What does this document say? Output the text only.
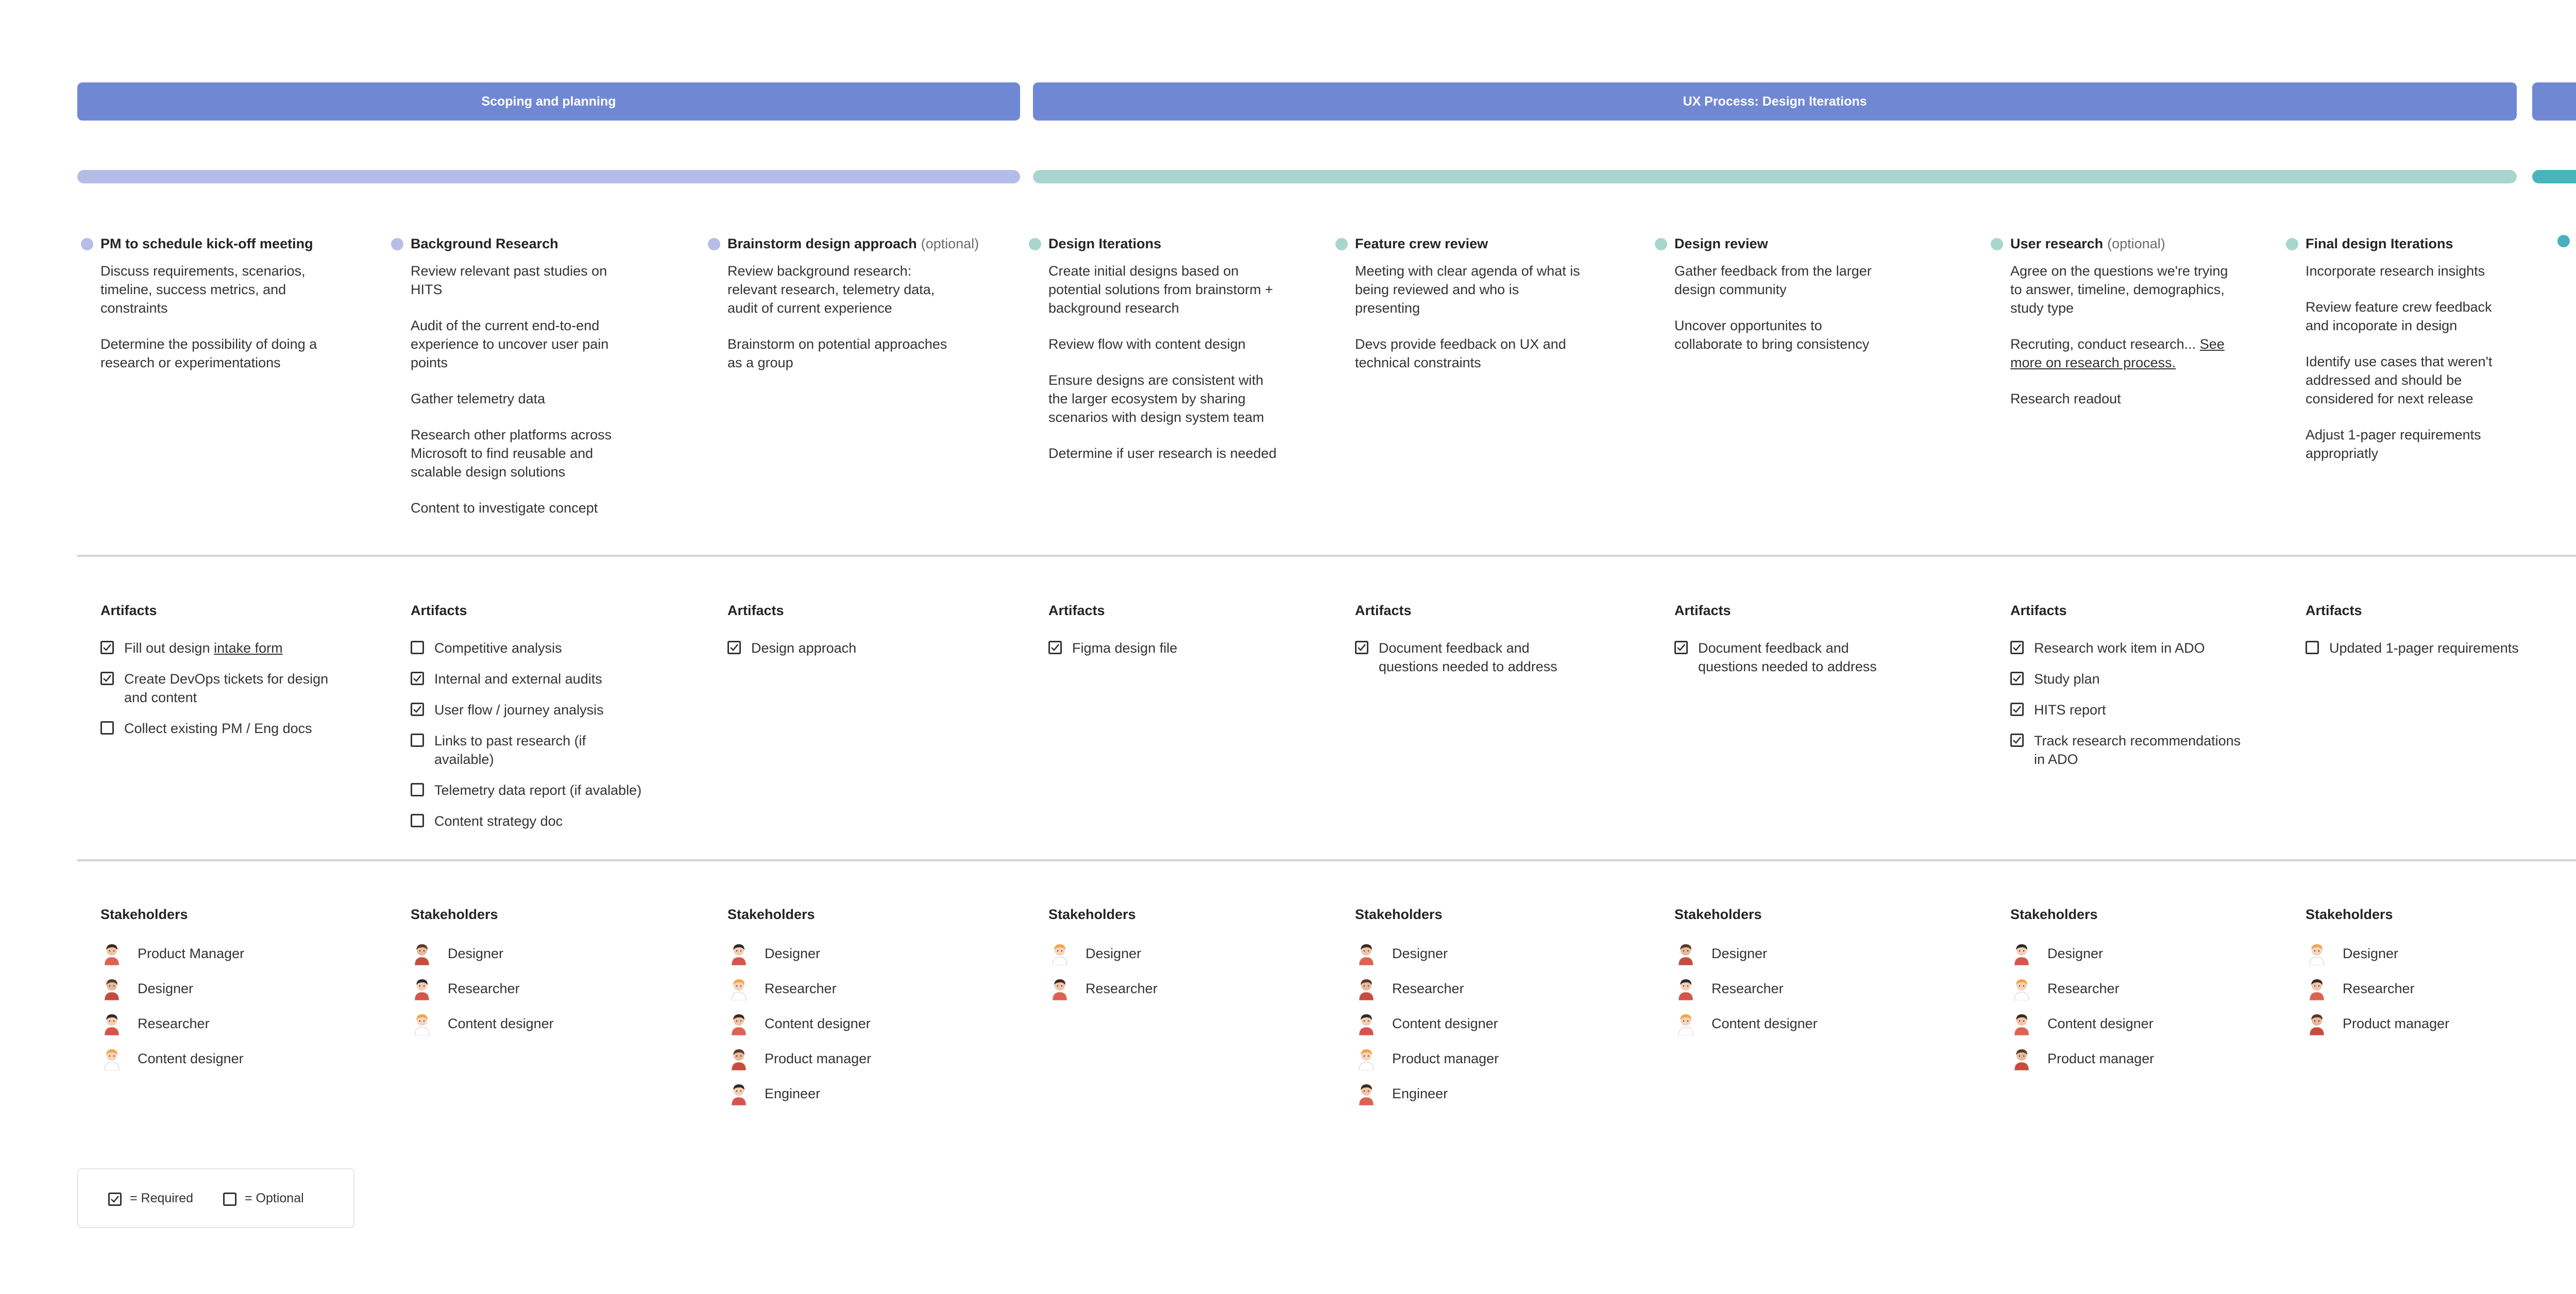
Scoping and planning	UX Process: Design Iterations
PM to schedule kick-off meeting

Discuss requirements, scenarios, timeline, success metrics, and constraints

Determine the possibility of doing a research or experimentations

Artifacts
Fill out design intake form
Create DevOps tickets for design and content
Collect existing PM / Eng docs
Stakeholders
Product Manager
Designer
Researcher
Content designer
Background Research

Review relevant past studies on HITS

Audit of the current end-to-end experience to uncover user pain points

Gather telemetry data

Research other platforms across Microsoft to find reusable and scalable design solutions

Content to investigate concept

Artifacts
Competitive analysis
Internal and external audits
User flow / journey analysis
Links to past research (if available)
Telemetry data report (if avalable)
Content strategy doc
Stakeholders
Designer
Researcher
Content designer
Brainstorm design approach (optional)

Review background research: relevant research, telemetry data, audit of current experience

Brainstorm on potential approaches as a group

Artifacts
Design approach
Stakeholders
Designer
Researcher
Content designer
Product manager
Engineer
Design Iterations

Create initial designs based on potential solutions from brainstorm + background research

Review flow with content design

Ensure designs are consistent with the larger ecosystem by sharing scenarios with design system team

Determine if user research is needed

Artifacts
Figma design file
Stakeholders
Designer
Researcher
Feature crew review

Meeting with clear agenda of what is being reviewed and who is presenting

Devs provide feedback on UX and technical constraints

Artifacts
Document feedback and questions needed to address
Stakeholders
Designer
Researcher
Content designer
Product manager
Engineer
Design review

Gather feedback from the larger design community

Uncover opportunites to collaborate to bring consistency

Artifacts
Document feedback and questions needed to address
Stakeholders
Designer
Researcher
Content designer
User research (optional)

Agree on the questions we're trying to answer, timeline, demographics, study type

Recruting, conduct research... See more on research process.

Research readout

Artifacts
Research work item in ADO
Study plan
HITS report
Track research recommendations in ADO
Stakeholders
Designer
Researcher
Content designer
Product manager
Final design Iterations

Incorporate research insights

Review feature crew feedback and incoporate in design

Identify use cases that weren't addressed and should be considered for next release

Adjust 1-pager requirements appropriatly

Artifacts
Updated 1-pager requirements
Stakeholders
Designer
Researcher
Product manager

= Required	= Optional
